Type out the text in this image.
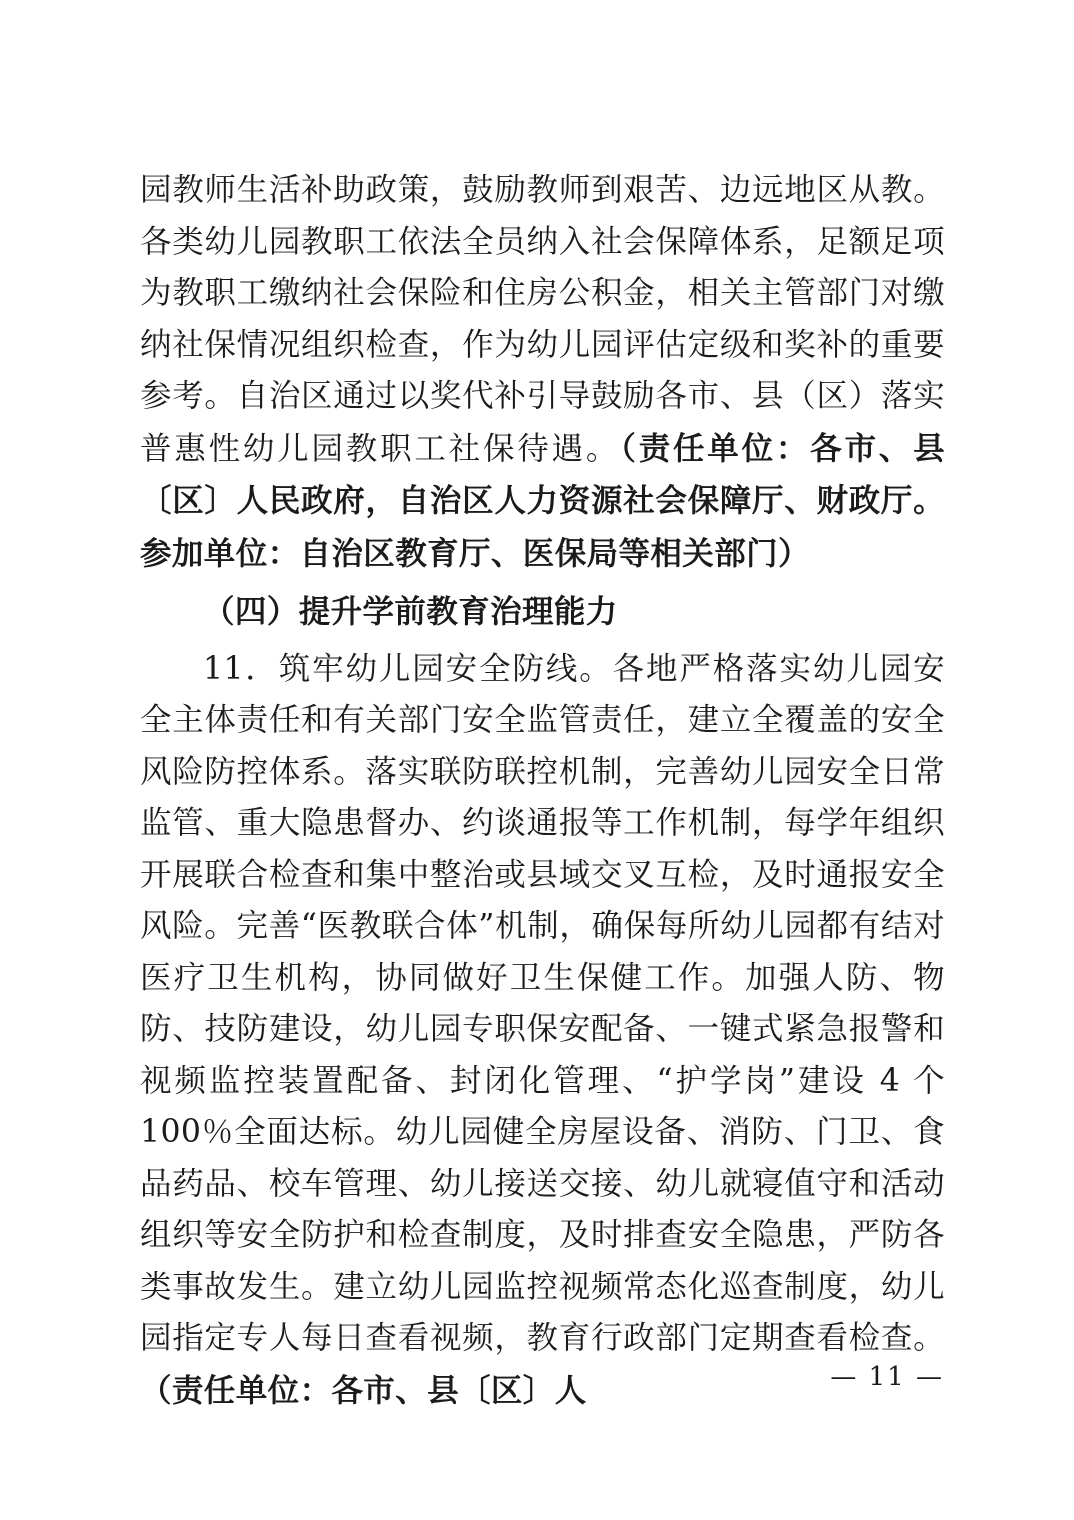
园教师生活补助政策，鼓励教师到艰苦、边远地区从教。各类幼儿园教职工依法全员纳入社会保障体系，足额足项为教职工缴纳社会保险和住房公积金，相关主管部门对缴纳社保情况组织检查，作为幼儿园评估定级和奖补的重要参考。自治区通过以奖代补引导鼓励各市、县（区）落实普惠性幼儿园教职工社保待遇。（责任单位：各市、县〔区〕人民政府，自治区人力资源社会保障厅、财政厅。参加单位：自治区教育厅、医保局等相关部门）

（四）提升学前教育治理能力

11．筑牢幼儿园安全防线。各地严格落实幼儿园安全主体责任和有关部门安全监管责任，建立全覆盖的安全风险防控体系。落实联防联控机制，完善幼儿园安全日常监管、重大隐患督办、约谈通报等工作机制，每学年组织开展联合检查和集中整治或县域交叉互检，及时通报安全风险。完善“医教联合体”机制，确保每所幼儿园都有结对医疗卫生机构，协同做好卫生保健工作。加强人防、物防、技防建设，幼儿园专职保安配备、一键式紧急报警和视频监控装置配备、封闭化管理、“护学岗”建设 4 个 100％全面达标。幼儿园健全房屋设备、消防、门卫、食品药品、校车管理、幼儿接送交接、幼儿就寝值守和活动组织等安全防护和检查制度，及时排查安全隐患，严防各类事故发生。建立幼儿园监控视频常态化巡查制度，幼儿园指定专人每日查看视频，教育行政部门定期查看检查。（责任单位：各市、县〔区〕人	— 11 —
